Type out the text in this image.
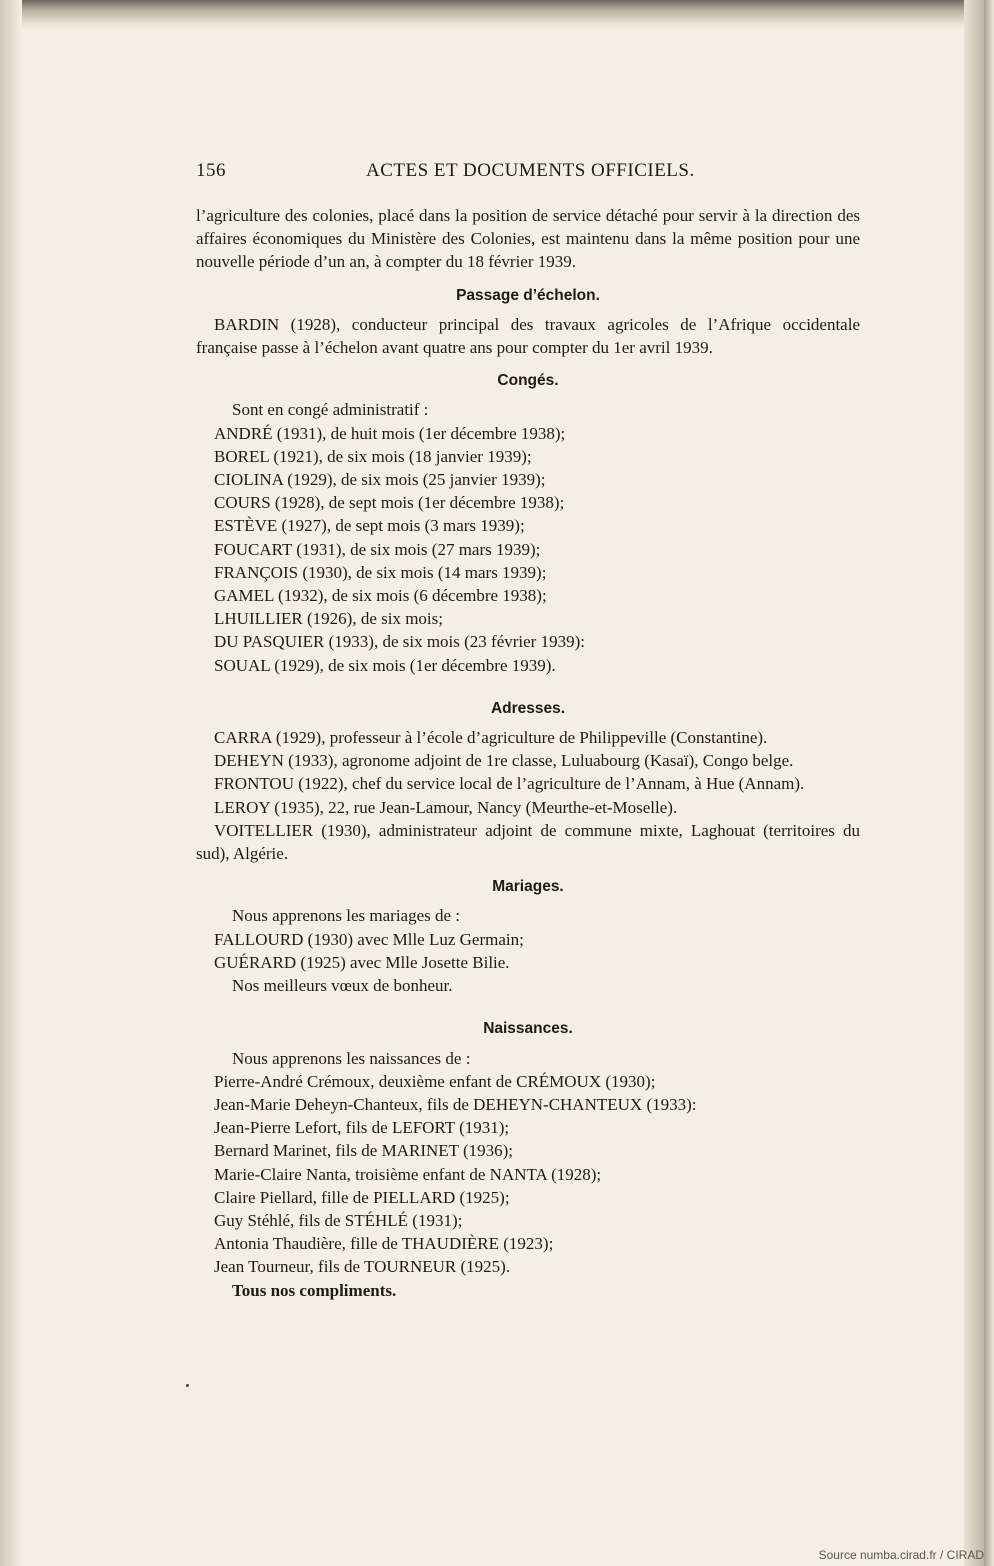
156	ACTES ET DOCUMENTS OFFICIELS.
l’agriculture des colonies, placé dans la position de service détaché pour servir à la direction des affaires économiques du Ministère des Colonies, est maintenu dans la même position pour une nouvelle période d’un an, à compter du 18 février 1939.
Passage d’échelon.
BARDIN (1928), conducteur principal des travaux agricoles de l’Afrique occidentale française passe à l’échelon avant quatre ans pour compter du 1er avril 1939.
Congés.
Sont en congé administratif :
ANDRÉ (1931), de huit mois (1er décembre 1938);
BOREL (1921), de six mois (18 janvier 1939);
CIOLINA (1929), de six mois (25 janvier 1939);
COURS (1928), de sept mois (1er décembre 1938);
ESTÈVE (1927), de sept mois (3 mars 1939);
FOUCART (1931), de six mois (27 mars 1939);
FRANÇOIS (1930), de six mois (14 mars 1939);
GAMEL (1932), de six mois (6 décembre 1938);
LHUILLIER (1926), de six mois;
DU PASQUIER (1933), de six mois (23 février 1939):
SOUAL (1929), de six mois (1er décembre 1939).
Adresses.
CARRA (1929), professeur à l’école d’agriculture de Philippeville (Constantine).
DEHEYN (1933), agronome adjoint de 1re classe, Luluabourg (Kasaï), Congo belge.
FRONTOU (1922), chef du service local de l’agriculture de l’Annam, à Hue (Annam).
LEROY (1935), 22, rue Jean-Lamour, Nancy (Meurthe-et-Moselle).
VOITELLIER (1930), administrateur adjoint de commune mixte, Laghouat (territoires du sud), Algérie.
Mariages.
Nous apprenons les mariages de :
FALLOURD (1930) avec Mlle Luz Germain;
GUÉRARD (1925) avec Mlle Josette Bilie.
Nos meilleurs vœux de bonheur.
Naissances.
Nous apprenons les naissances de :
Pierre-André Crémoux, deuxième enfant de CRÉMOUX (1930);
Jean-Marie Deheyn-Chanteux, fils de DEHEYN-CHANTEUX (1933):
Jean-Pierre Lefort, fils de LEFORT (1931);
Bernard Marinet, fils de MARINET (1936);
Marie-Claire Nanta, troisième enfant de NANTA (1928);
Claire Piellard, fille de PIELLARD (1925);
Guy Stéhlé, fils de STÉHLÉ (1931);
Antonia Thaudière, fille de THAUDIÈRE (1923);
Jean Tourneur, fils de TOURNEUR (1925).
Tous nos compliments.
Source numba.cirad.fr / CIRAD
